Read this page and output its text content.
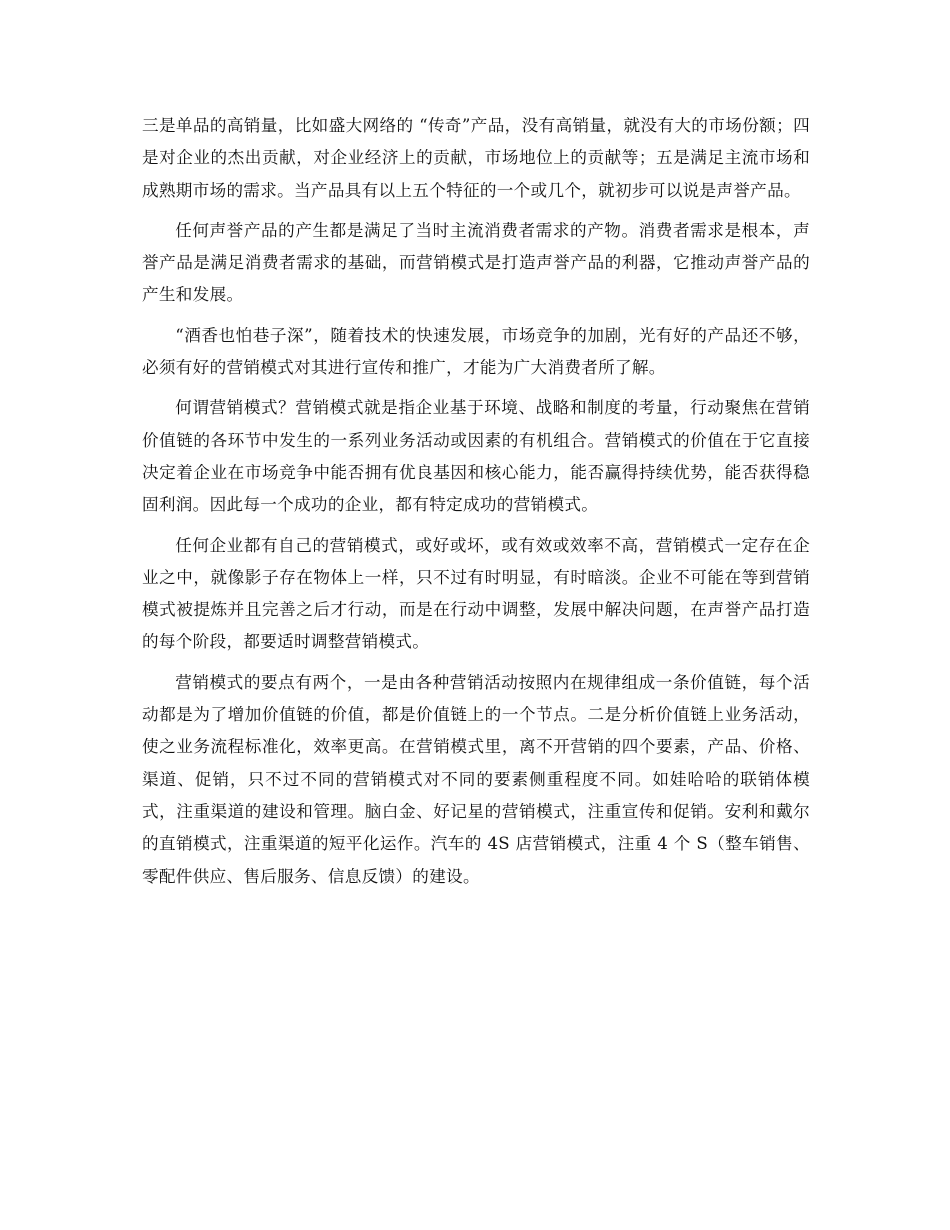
三是单品的高销量，比如盛大网络的 “传奇”产品，没有高销量，就没有大的市场份额；四是对企业的杰出贡献，对企业经济上的贡献，市场地位上的贡献等；五是满足主流市场和成熟期市场的需求。当产品具有以上五个特征的一个或几个，就初步可以说是声誉产品。

任何声誉产品的产生都是满足了当时主流消费者需求的产物。消费者需求是根本，声誉产品是满足消费者需求的基础，而营销模式是打造声誉产品的利器，它推动声誉产品的产生和发展。

“酒香也怕巷子深”，随着技术的快速发展，市场竞争的加剧，光有好的产品还不够，必须有好的营销模式对其进行宣传和推广，才能为广大消费者所了解。

何谓营销模式？营销模式就是指企业基于环境、战略和制度的考量，行动聚焦在营销价值链的各环节中发生的一系列业务活动或因素的有机组合。营销模式的价值在于它直接决定着企业在市场竞争中能否拥有优良基因和核心能力，能否赢得持续优势，能否获得稳固利润。因此每一个成功的企业，都有特定成功的营销模式。

任何企业都有自己的营销模式，或好或坏，或有效或效率不高，营销模式一定存在企业之中，就像影子存在物体上一样，只不过有时明显，有时暗淡。企业不可能在等到营销模式被提炼并且完善之后才行动，而是在行动中调整，发展中解决问题，在声誉产品打造的每个阶段，都要适时调整营销模式。

营销模式的要点有两个，一是由各种营销活动按照内在规律组成一条价值链，每个活动都是为了增加价值链的价值，都是价值链上的一个节点。二是分析价值链上业务活动，使之业务流程标准化，效率更高。在营销模式里，离不开营销的四个要素，产品、价格、渠道、促销，只不过不同的营销模式对不同的要素侧重程度不同。如娃哈哈的联销体模式，注重渠道的建设和管理。脑白金、好记星的营销模式，注重宣传和促销。安利和戴尔的直销模式，注重渠道的短平化运作。汽车的 4S 店营销模式，注重 4 个 S（整车销售、零配件供应、售后服务、信息反馈）的建设。
